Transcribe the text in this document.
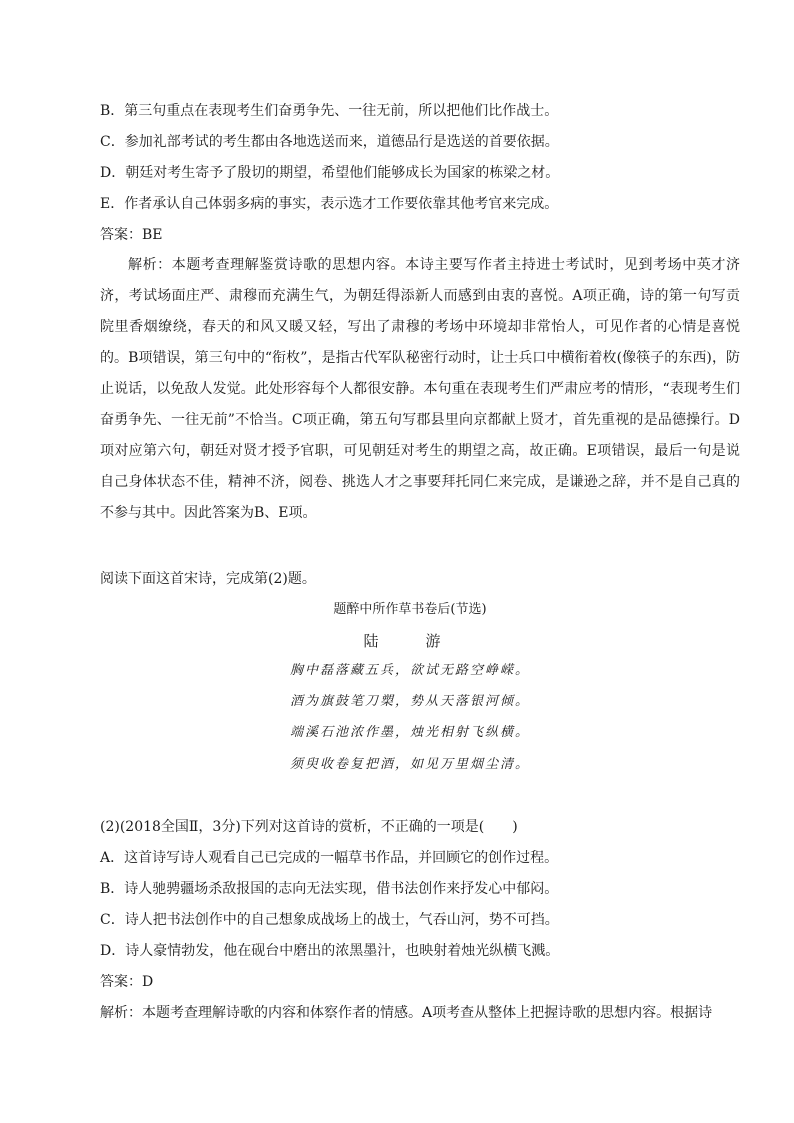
B．第三句重点在表现考生们奋勇争先、一往无前，所以把他们比作战士。
C．参加礼部考试的考生都由各地选送而来，道德品行是选送的首要依据。
D．朝廷对考生寄予了殷切的期望，希望他们能够成长为国家的栋梁之材。
E．作者承认自己体弱多病的事实，表示选才工作要依靠其他考官来完成。
答案：BE
解析：本题考查理解鉴赏诗歌的思想内容。本诗主要写作者主持进士考试时，见到考场中英才济济，考试场面庄严、肃穆而充满生气，为朝廷得添新人而感到由衷的喜悦。A项正确，诗的第一句写贡院里香烟缭绕，春天的和风又暖又轻，写出了肃穆的考场中环境却非常怡人，可见作者的心情是喜悦的。B项错误，第三句中的“衔枚”，是指古代军队秘密行动时，让士兵口中横衔着枚(像筷子的东西)，防止说话，以免敌人发觉。此处形容每个人都很安静。本句重在表现考生们严肃应考的情形，“表现考生们奋勇争先、一往无前”不恰当。C项正确，第五句写郡县里向京都献上贤才，首先重视的是品德操行。D项对应第六句，朝廷对贤才授予官职，可见朝廷对考生的期望之高，故正确。E项错误，最后一句是说自己身体状态不佳，精神不济，阅卷、挑选人才之事要拜托同仁来完成，是谦逊之辞，并不是自己真的不参与其中。因此答案为B、E项。
阅读下面这首宋诗，完成第(2)题。
题醉中所作草书卷后(节选)
陆　游
胸中磊落藏五兵，欲试无路空峥嵘。
酒为旗鼓笔刀槊，势从天落银河倾。
端溪石池浓作墨，烛光相射飞纵横。
须臾收卷复把酒，如见万里烟尘清。
(2)(2018全国Ⅱ，3分)下列对这首诗的赏析，不正确的一项是(　　)
A．这首诗写诗人观看自己已完成的一幅草书作品，并回顾它的创作过程。
B．诗人驰骋疆场杀敌报国的志向无法实现，借书法创作来抒发心中郁闷。
C．诗人把书法创作中的自己想象成战场上的战士，气吞山河，势不可挡。
D．诗人豪情勃发，他在砚台中磨出的浓黑墨汁，也映射着烛光纵横飞溅。
答案：D
解析：本题考查理解诗歌的内容和体察作者的情感。A项考查从整体上把握诗歌的思想内容。根据诗
